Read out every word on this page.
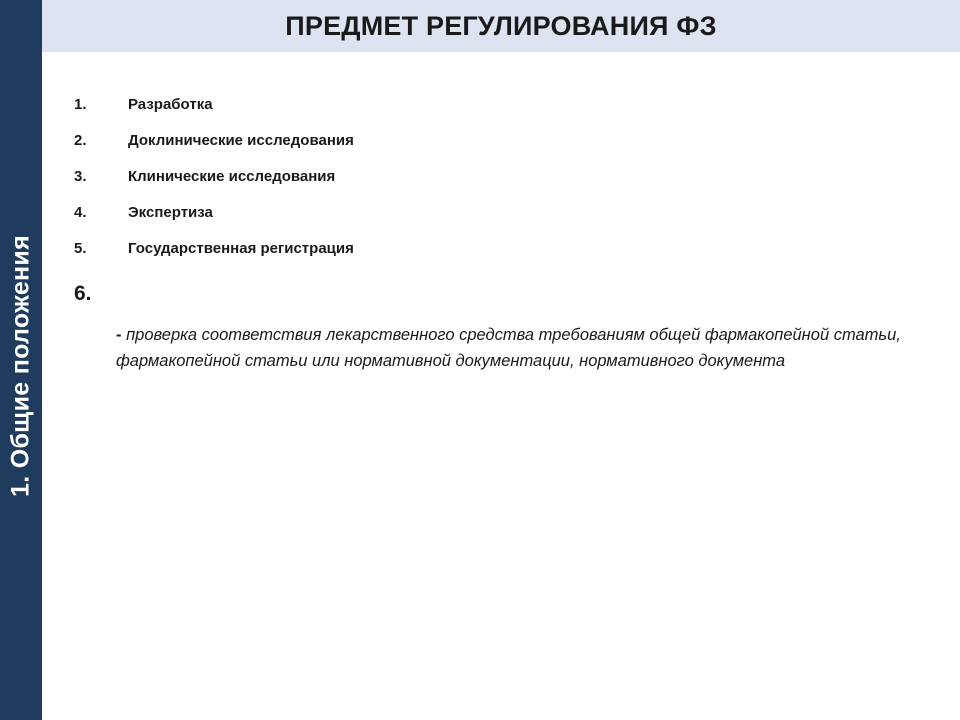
1. Общие положения
ПРЕДМЕТ РЕГУЛИРОВАНИЯ ФЗ
1.	Разработка
2.	Доклинические исследования
3.	Клинические исследования
4.	Экспертиза
5.	Государственная регистрация
6.
- проверка соответствия лекарственного средства требованиям общей фармакопейной статьи, фармакопейной статьи или нормативной документации, нормативного документа
